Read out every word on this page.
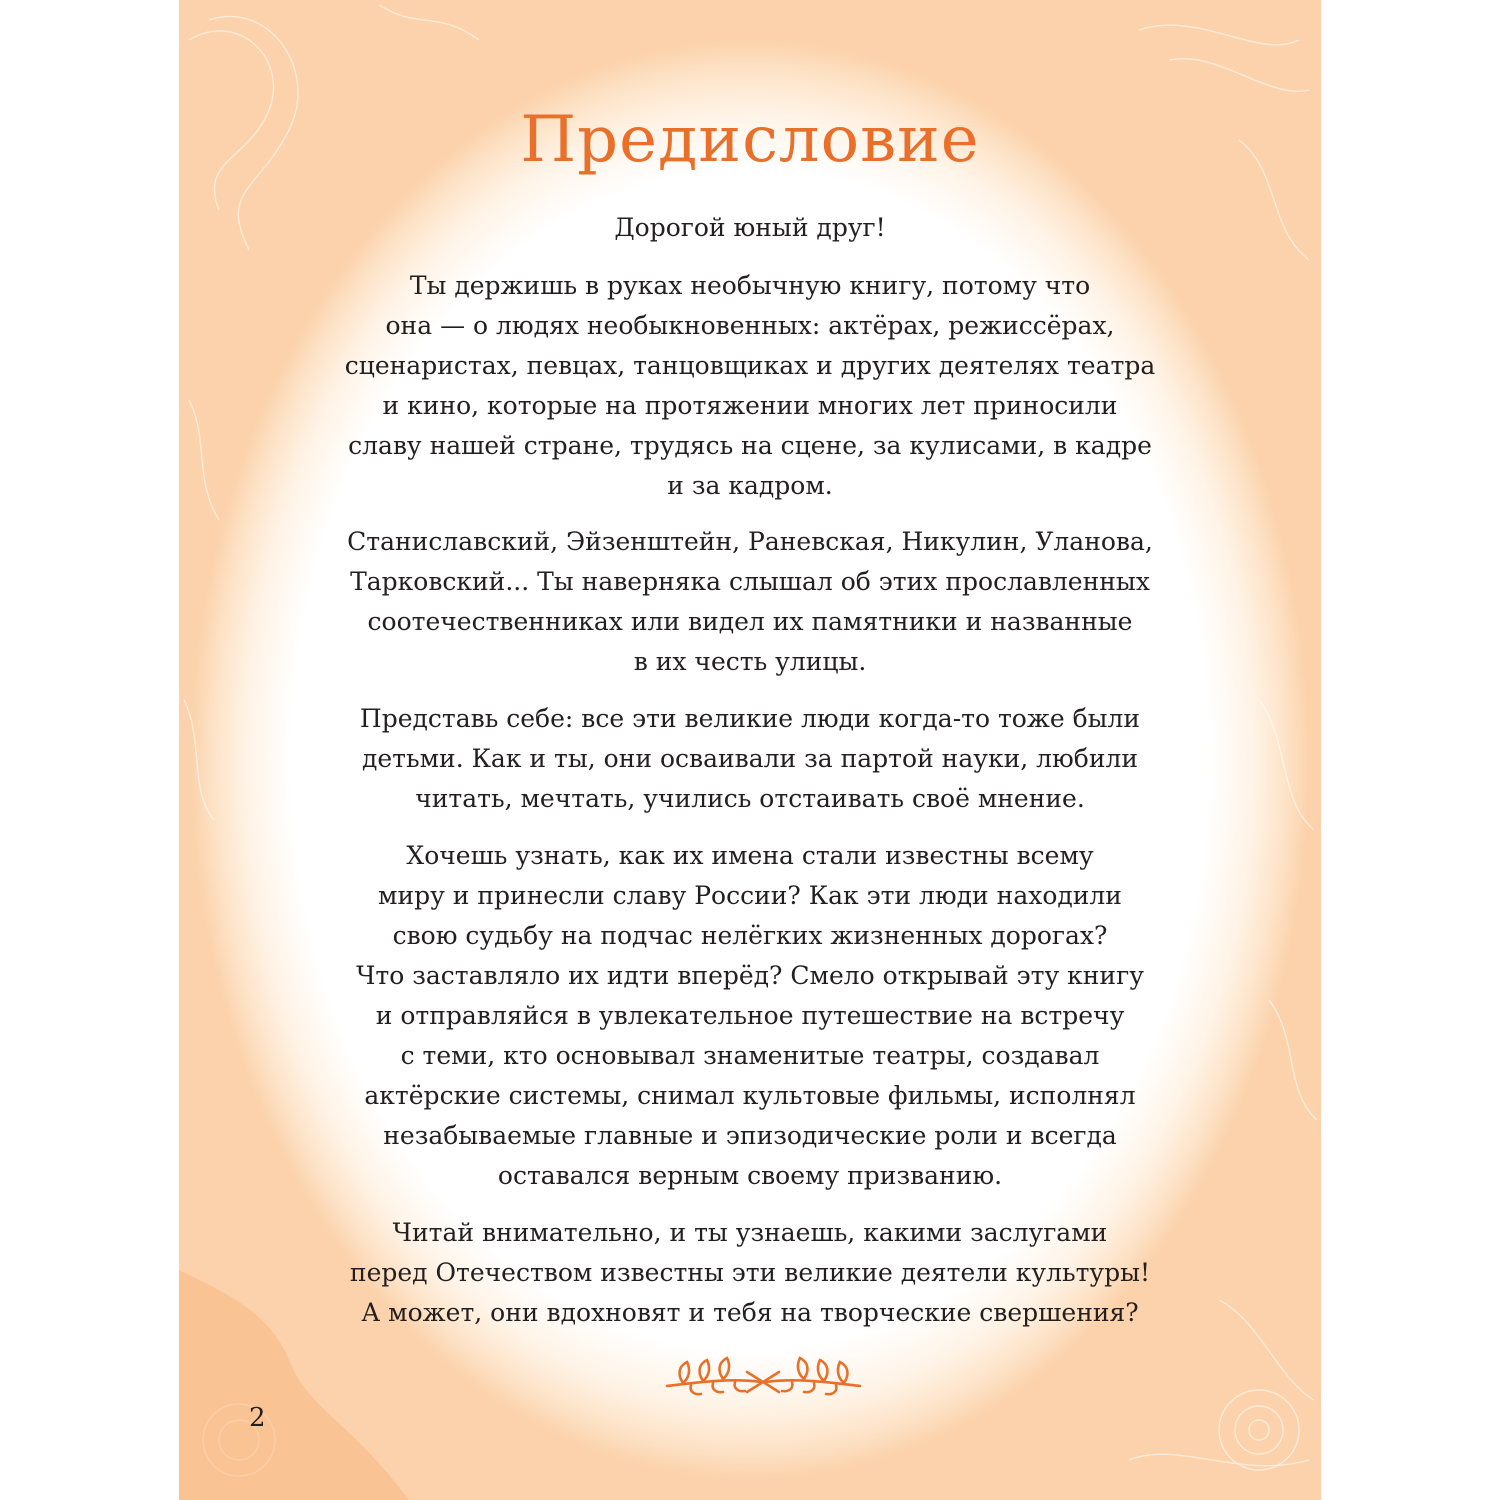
Предисловие
Дорогой юный друг!

Ты держишь в руках необычную книгу, потому что
она — о людях необыкновенных: актёрах, режиссёрах,
сценаристах, певцах, танцовщиках и других деятелях театра
и кино, которые на протяжении многих лет приносили
славу нашей стране, трудясь на сцене, за кулисами, в кадре
и за кадром.

Станиславский, Эйзенштейн, Раневская, Никулин, Уланова,
Тарковский... Ты наверняка слышал об этих прославленных
соотечественниках или видел их памятники и названные
в их честь улицы.

Представь себе: все эти великие люди когда-то тоже были
детьми. Как и ты, они осваивали за партой науки, любили
читать, мечтать, учились отстаивать своё мнение.

Хочешь узнать, как их имена стали известны всему
миру и принесли славу России? Как эти люди находили
свою судьбу на подчас нелёгких жизненных дорогах?
Что заставляло их идти вперёд? Смело открывай эту книгу
и отправляйся в увлекательное путешествие на встречу
с теми, кто основывал знаменитые театры, создавал
актёрские системы, снимал культовые фильмы, исполнял
незабываемые главные и эпизодические роли и всегда
оставался верным своему призванию.

Читай внимательно, и ты узнаешь, какими заслугами
перед Отечеством известны эти великие деятели культуры!
А может, они вдохновят и тебя на творческие свершения?

2
